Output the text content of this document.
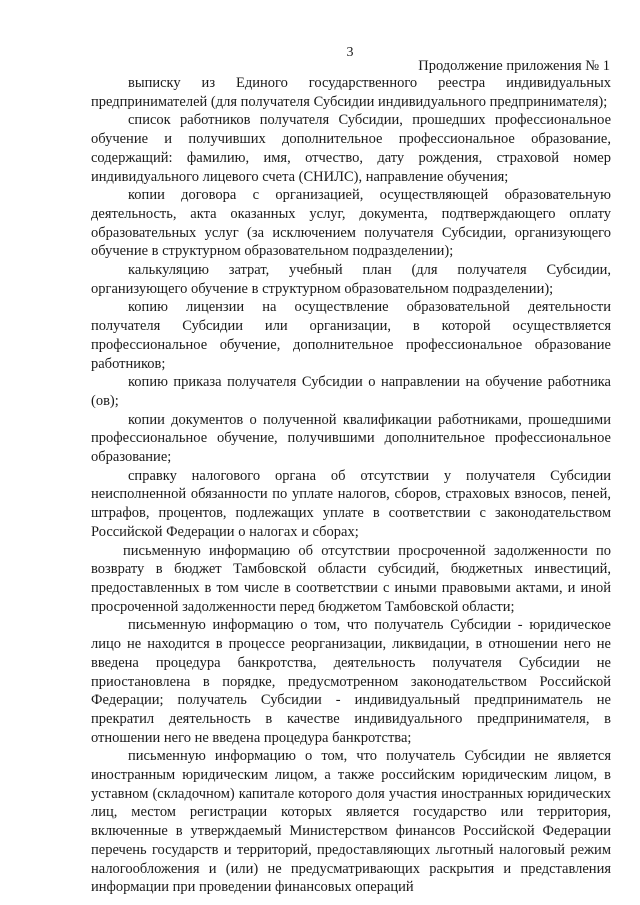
3
Продолжение приложения № 1

выписку из Единого государственного реестра индивидуальных предпринимателей (для получателя Субсидии индивидуального предпринимателя);

список работников получателя Субсидии, прошедших профессиональное обучение и получивших дополнительное профессиональное образование, содержащий: фамилию, имя, отчество, дату рождения, страховой номер индивидуального лицевого счета (СНИЛС), направление обучения;

копии договора с организацией, осуществляющей образовательную деятельность, акта оказанных услуг, документа, подтверждающего оплату образовательных услуг (за исключением получателя Субсидии, организующего обучение в структурном образовательном подразделении);

калькуляцию затрат, учебный план (для получателя Субсидии, организующего обучение в структурном образовательном подразделении);

копию лицензии на осуществление образовательной деятельности получателя Субсидии или организации, в которой осуществляется профессиональное обучение, дополнительное профессиональное образование работников;

копию приказа получателя Субсидии о направлении на обучение работника (ов);

копии документов о полученной квалификации работниками, прошедшими профессиональное обучение, получившими дополнительное профессиональное образование;

справку налогового органа об отсутствии у получателя Субсидии неисполненной обязанности по уплате налогов, сборов, страховых взносов, пеней, штрафов, процентов, подлежащих уплате в соответствии с законодательством Российской Федерации о налогах и сборах;

письменную информацию об отсутствии просроченной задолженности по возврату в бюджет Тамбовской области субсидий, бюджетных инвестиций, предоставленных в том числе в соответствии с иными правовыми актами, и иной просроченной задолженности перед бюджетом Тамбовской области;

письменную информацию о том, что получатель Субсидии - юридическое лицо не находится в процессе реорганизации, ликвидации, в отношении него не введена процедура банкротства, деятельность получателя Субсидии не приостановлена в порядке, предусмотренном законодательством Российской Федерации; получатель Субсидии - индивидуальный предприниматель не прекратил деятельность в качестве индивидуального предпринимателя, в отношении него не введена процедура банкротства;

письменную информацию о том, что получатель Субсидии не является иностранным юридическим лицом, а также российским юридическим лицом, в уставном (складочном) капитале которого доля участия иностранных юридических лиц, местом регистрации которых является государство или территория, включенные в утверждаемый Министерством финансов Российской Федерации перечень государств и территорий, предоставляющих льготный налоговый режим налогообложения и (или) не предусматривающих раскрытия и представления информации при проведении финансовых операций
